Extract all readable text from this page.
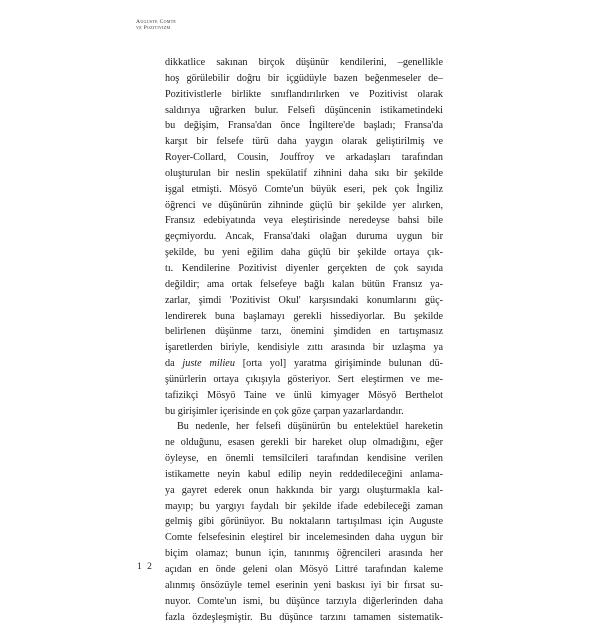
Auguste Comte
ve Pozitivizm
dikkatlice sakınan birçok düşünür kendilerini, –genellikle
hoş görülebilir doğru bir içgüdüyle bazen beğenmeseler de–
Pozitivistlerle birlikte sınıflandırılırken ve Pozitivist olarak
saldırıya uğrarken bulur. Felsefi düşüncenin istikametindeki
bu değişim, Fransa'dan önce İngiltere'de başladı; Fransa'da
karşıt bir felsefe türü daha yaygın olarak geliştirilmiş ve
Royer-Collard, Cousin, Jouffroy ve arkadaşları tarafından
oluşturulan bir neslin spekülatif zihnini daha sıkı bir şekilde
işgal etmişti. Mösyö Comte'un büyük eseri, pek çok İngiliz
öğrenci ve düşünürün zihninde güçlü bir şekilde yer alırken,
Fransız edebiyatında veya eleştirisinde neredeyse bahsi bile
geçmiyordu. Ancak, Fransa'daki olağan duruma uygun bir
şekilde, bu yeni eğilim daha güçlü bir şekilde ortaya çık-
tı. Kendilerine Pozitivist diyenler gerçekten de çok sayıda
değildir; ama ortak felsefeye bağlı kalan bütün Fransız ya-
zarlar, şimdi 'Pozitivist Okul' karşısındaki konumlarını güç-
lendirerek buna başlamayı gerekli hissediyorlar. Bu şekilde
belirlenen düşünme tarzı, önemini şimdiden en tartışmasız
işaretlerden biriyle, kendisiyle zıttı arasında bir uzlaşma ya
da juste milieu [orta yol] yaratma girişiminde bulunan dü-
şünürlerin ortaya çıkışıyla gösteriyor. Sert eleştirmen ve me-
tafizikçi Mösyö Taine ve ünlü kimyager Mösyö Berthelot
bu girişimler içerisinde en çok göze çarpan yazarlardandır.
Bu nedenle, her felsefi düşünürün bu entelektüel hareketin
ne olduğunu, esasen gerekli bir hareket olup olmadığını, eğer
öyleyse, en önemli temsilcileri tarafından kendisine verilen
istikamette neyin kabul edilip neyin reddedileceğini anlama-
ya gayret ederek onun hakkında bir yargı oluşturmakla kal-
mayıp; bu yargıyı faydalı bir şekilde ifade edebileceği zaman
gelmiş gibi görünüyor. Bu noktaların tartışılması için Auguste
Comte felsefesinin eleştirel bir incelemesinden daha uygun bir
biçim olamaz; bunun için, tanınmış öğrencileri arasında her
açıdan en önde geleni olan Mösyö Littré tarafından kaleme
alınmış önsözüyle temel eserinin yeni baskısı iyi bir fırsat su-
nuyor. Comte'un ismi, bu düşünce tarzıyla diğerlerinden daha
fazla özdeşleşmiştir. Bu düşünce tarzını tamamen sistematik-
1 2
